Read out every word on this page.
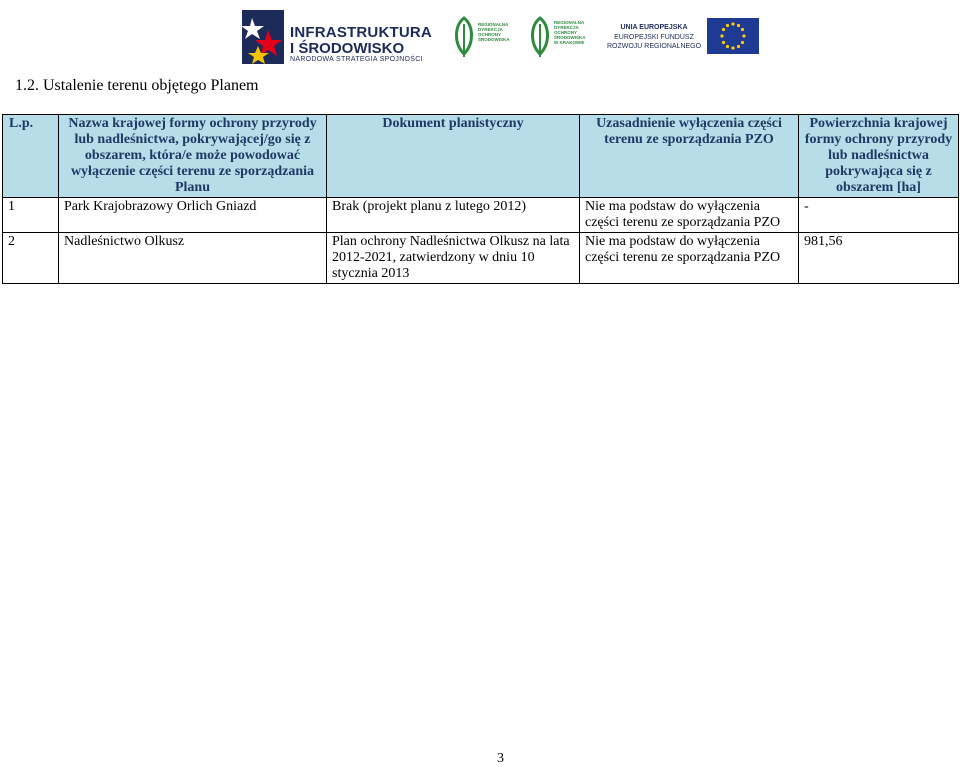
INFRASTRUKTURA
I ŚRODOWISKO
NARODOWA STRATEGIA SPÓJNOŚCI
REGIONALNA
DYREKCJA
OCHRONY
ŚRODOWISKA
REGIONALNA
DYREKCJA
OCHRONY
ŚRODOWISKA
W KRAKOWIE
UNIA EUROPEJSKA
EUROPEJSKI FUNDUSZ
ROZWOJU REGIONALNEGO
1.2. Ustalenie terenu objętego Planem
L.p.	Nazwa krajowej formy ochrony przyrody lub nadleśnictwa, pokrywającej/go się z obszarem, która/e może powodować wyłączenie części terenu ze sporządzania Planu	Dokument planistyczny	Uzasadnienie wyłączenia części terenu ze sporządzania PZO	Powierzchnia krajowej formy ochrony przyrody lub nadleśnictwa pokrywająca się z obszarem [ha]
1	Park Krajobrazowy Orlich Gniazd	Brak (projekt planu z lutego 2012)	Nie ma podstaw do wyłączenia części terenu ze sporządzania PZO	-
2	Nadleśnictwo Olkusz	Plan ochrony Nadleśnictwa Olkusz na lata 2012-2021, zatwierdzony w dniu 10 stycznia 2013	Nie ma podstaw do wyłączenia części terenu ze sporządzania PZO	981,56
3
